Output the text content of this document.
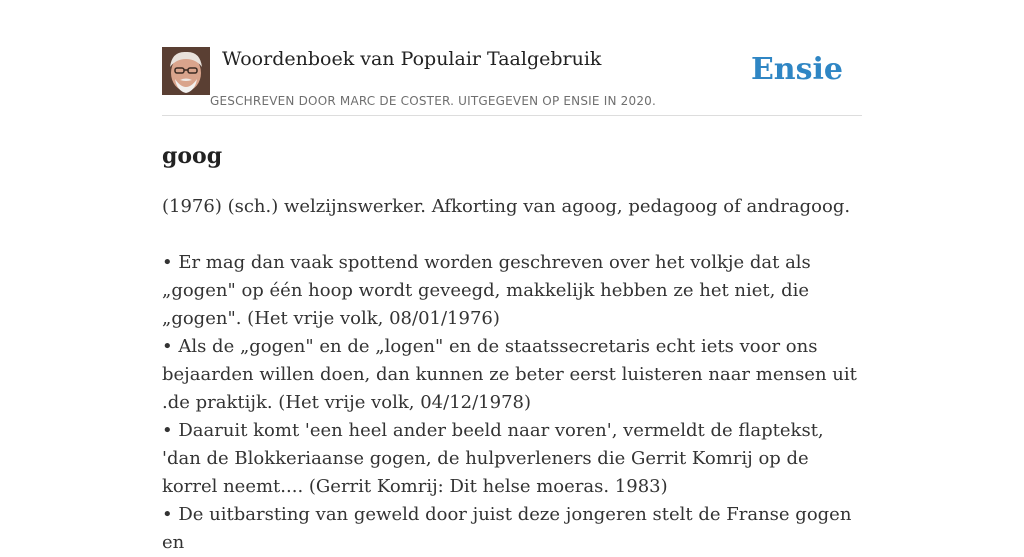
Woordenboek van Populair Taalgebruik
GESCHREVEN DOOR MARC DE COSTER. UITGEGEVEN OP ENSIE IN 2020.
Ensie
goog

(1976) (sch.) welzijnswerker. Afkorting van agoog, pedagoog of andragoog.

• Er mag dan vaak spottend worden geschreven over het volkje dat als „gogen" op één hoop wordt geveegd, makkelijk hebben ze het niet, die „gogen". (Het vrije volk, 08/01/1976)

• Als de „gogen" en de „logen" en de staatssecretaris echt iets voor ons bejaarden willen doen, dan kunnen ze beter eerst luisteren naar mensen uit .de praktijk. (Het vrije volk, 04/12/1978)

• Daaruit komt 'een heel ander beeld naar voren', vermeldt de flaptekst, 'dan de Blokkeriaanse gogen, de hulpverleners die Gerrit Komrij op de korrel neemt.... (Gerrit Komrij: Dit helse moeras. 1983)

• De uitbarsting van geweld door juist deze jongeren stelt de Franse gogen en
